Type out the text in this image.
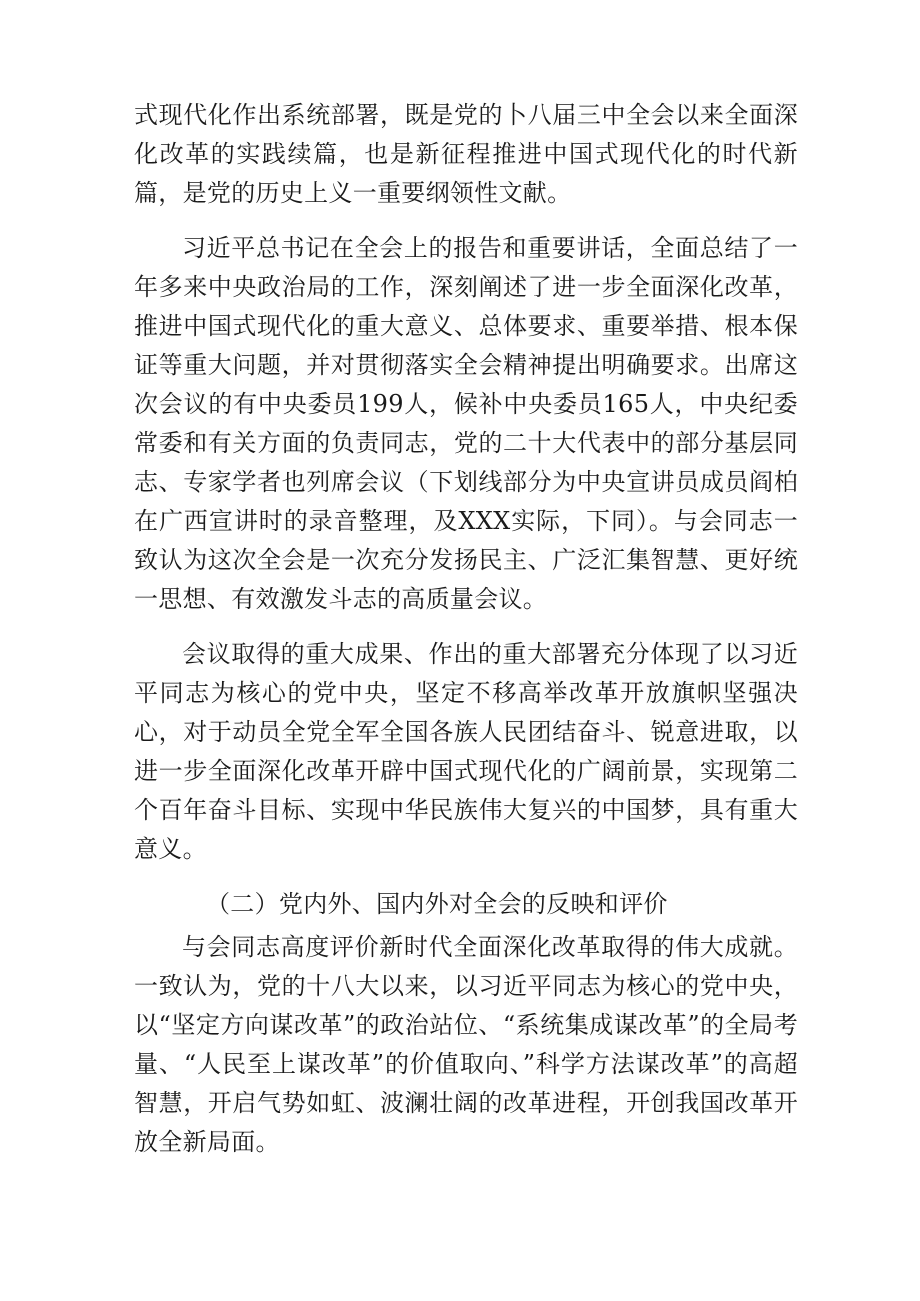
式现代化作出系统部署，既是党的卜八届三中全会以来全面深化改革的实践续篇，也是新征程推进中国式现代化的时代新篇，是党的历史上义一重要纲领性文献。

习近平总书记在全会上的报告和重要讲话，全面总结了一年多来中央政治局的工作，深刻阐述了进一步全面深化改革，推进中国式现代化的重大意义、总体要求、重要举措、根本保证等重大问题，并对贯彻落实全会精神提出明确要求。出席这次会议的有中央委员199人，候补中央委员165人，中央纪委常委和有关方面的负责同志，党的二十大代表中的部分基层同志、专家学者也列席会议（下划线部分为中央宣讲员成员阎柏在广西宣讲时的录音整理，及XXX实际，下同）。与会同志一致认为这次全会是一次充分发扬民主、广泛汇集智慧、更好统一思想、有效激发斗志的高质量会议。

会议取得的重大成果、作出的重大部署充分体现了以习近平同志为核心的党中央，坚定不移高举改革开放旗帜坚强决心，对于动员全党全军全国各族人民团结奋斗、锐意进取，以进一步全面深化改革开辟中国式现代化的广阔前景，实现第二个百年奋斗目标、实现中华民族伟大复兴的中国梦，具有重大意义。

（二）党内外、国内外对全会的反映和评价

与会同志高度评价新时代全面深化改革取得的伟大成就。一致认为，党的十八大以来，以习近平同志为核心的党中央，以“坚定方向谋改革”的政治站位、“系统集成谋改革”的全局考量、“人民至上谋改革”的价值取向、”科学方法谋改革”的高超智慧，开启气势如虹、波澜壮阔的改革进程，开创我国改革开放全新局面。
